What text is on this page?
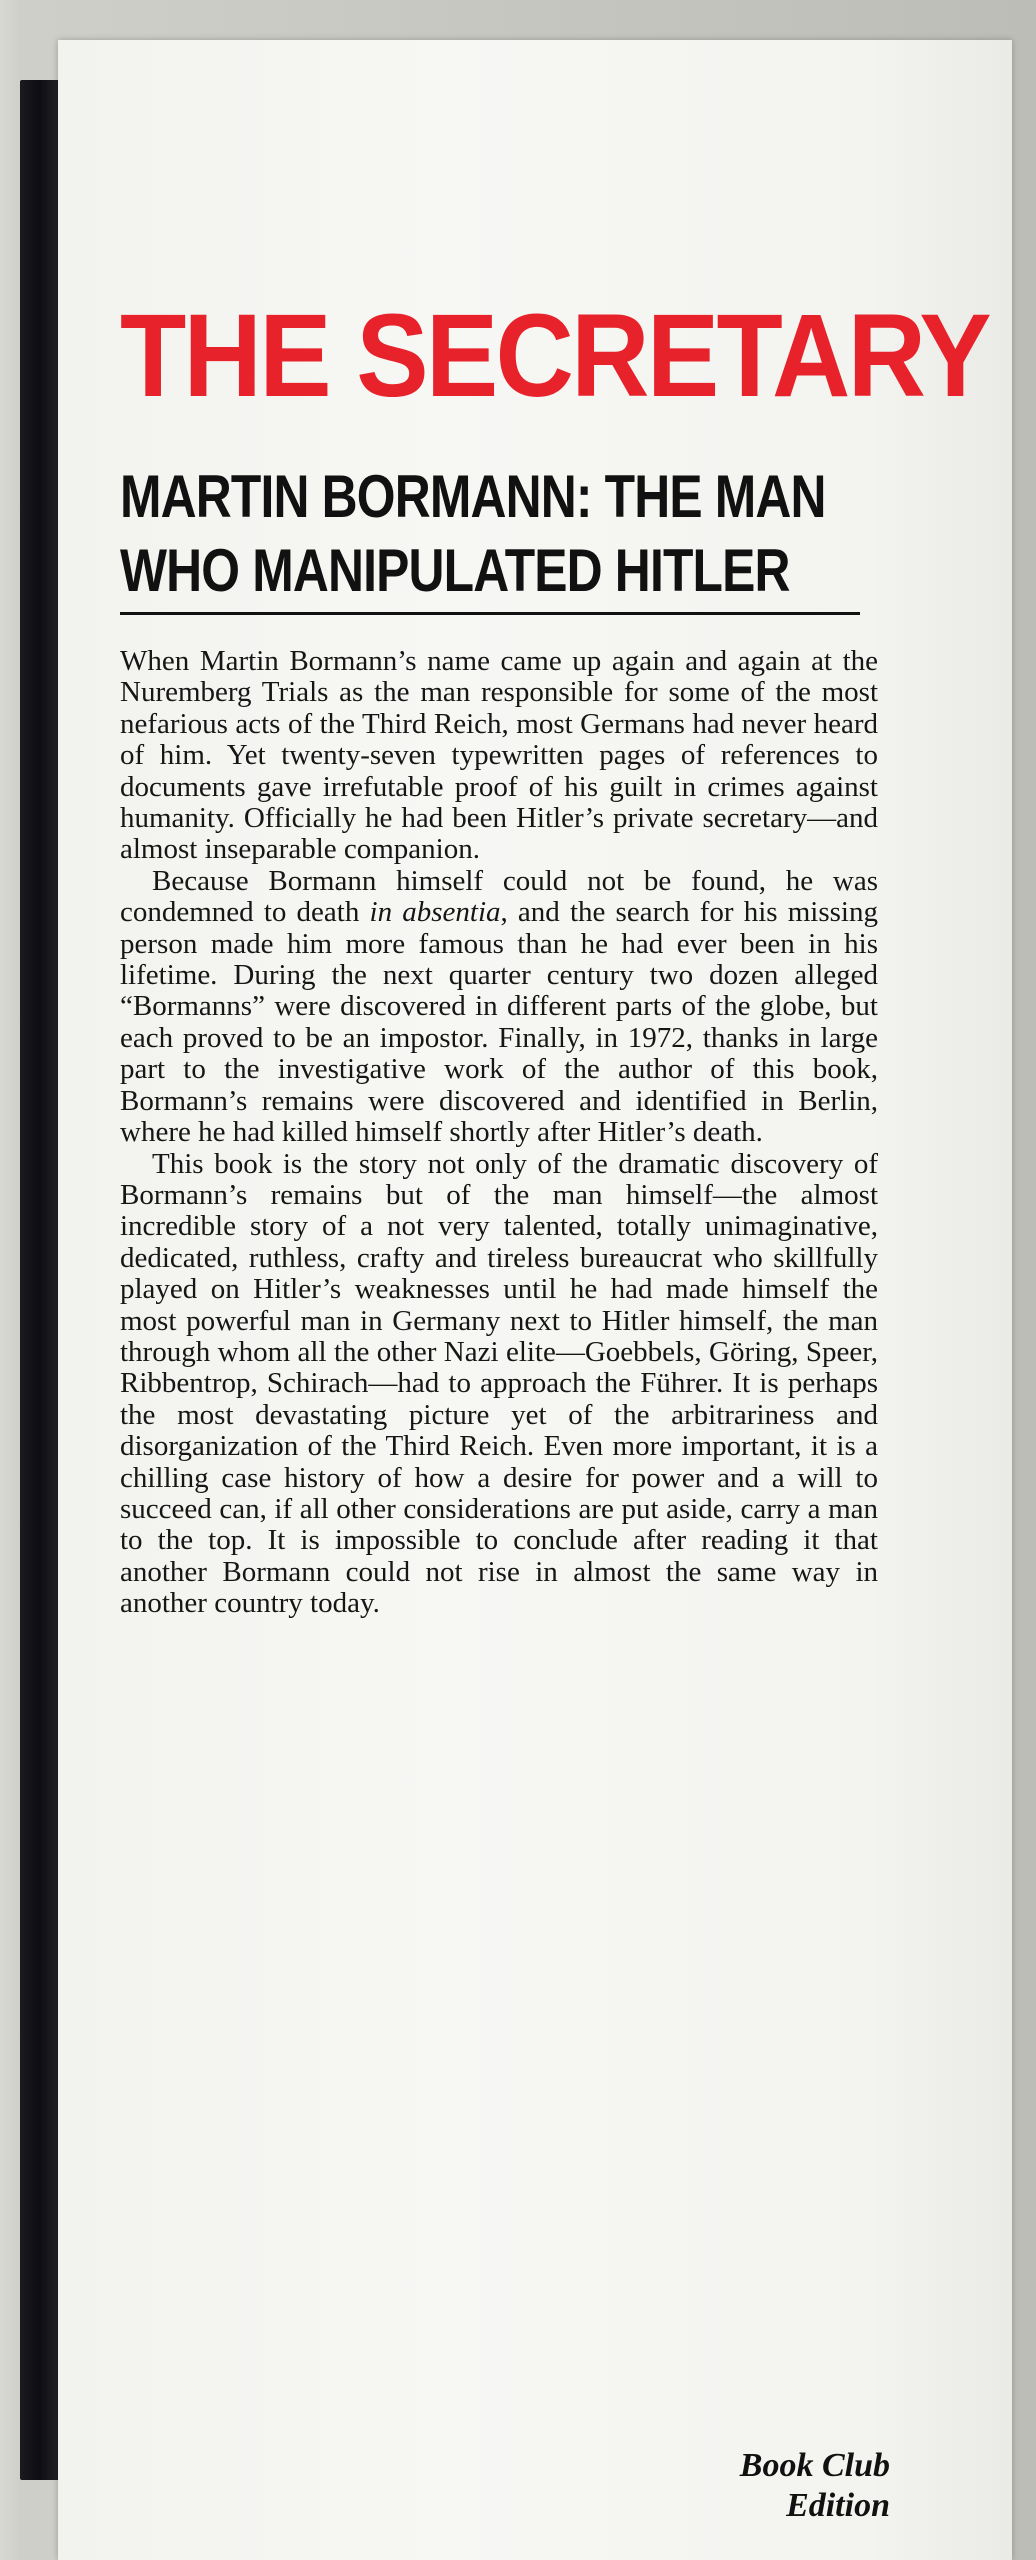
THE SECRETARY
MARTIN BORMANN: THE MAN
WHO MANIPULATED HITLER

When Martin Bormann’s name came up again and again at the Nuremberg Trials as the man responsible for some of the most nefarious acts of the Third Reich, most Germans had never heard of him. Yet twenty-seven typewritten pages of references to documents gave irrefutable proof of his guilt in crimes against humanity. Officially he had been Hitler’s private secretary—and almost inseparable companion.

Because Bormann himself could not be found, he was condemned to death in absentia, and the search for his missing person made him more famous than he had ever been in his lifetime. During the next quarter century two dozen alleged “Bormanns” were discovered in different parts of the globe, but each proved to be an impostor. Finally, in 1972, thanks in large part to the investigative work of the author of this book, Bormann’s remains were discovered and identified in Berlin, where he had killed himself shortly after Hitler’s death.

This book is the story not only of the dramatic discovery of Bormann’s remains but of the man himself—the almost incredible story of a not very talented, totally unimaginative, dedicated, ruthless, crafty and tireless bureaucrat who skillfully played on Hitler’s weaknesses until he had made himself the most powerful man in Germany next to Hitler himself, the man through whom all the other Nazi elite—Goebbels, Göring, Speer, Ribbentrop, Schirach—had to approach the Führer. It is perhaps the most devastating picture yet of the arbitrariness and disorganization of the Third Reich. Even more important, it is a chilling case history of how a desire for power and a will to succeed can, if all other considerations are put aside, carry a man to the top. It is impossible to conclude after reading it that another Bormann could not rise in almost the same way in another country today.

Book Club
Edition
